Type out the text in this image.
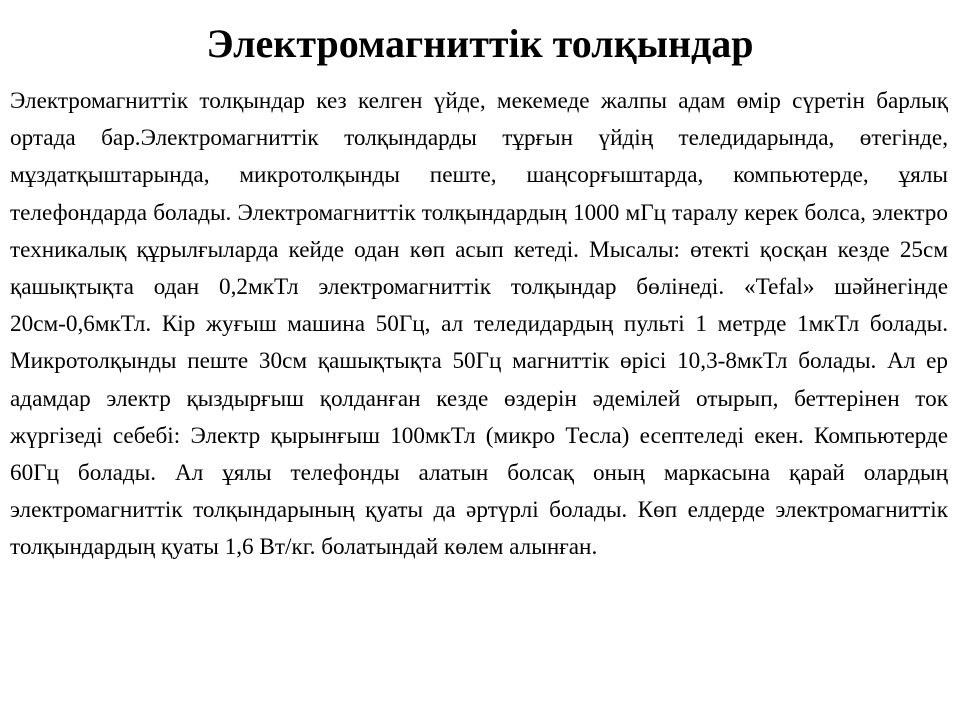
Электромагниттік толқындар

Электромагниттік толқындар кез келген үйде, мекемеде жалпы адам өмір сүретін барлық ортада бар.Электромагниттік толқындарды тұрғын үйдің теледидарында, өтегінде, мұздатқыштарында, микротолқынды пеште, шаңсорғыштарда, компьютерде, ұялы телефондарда болады. Электромагниттік толқындардың 1000 мГц таралу керек болса, электро техникалық құрылғыларда кейде одан көп асып кетеді. Мысалы: өтекті қосқан кезде 25см қашықтықта одан 0,2мкТл электромагниттік толқындар бөлінеді. «Tefal» шәйнегінде 20см-0,6мкТл. Кір жуғыш машина 50Гц, ал теледидардың пульті 1 метрде 1мкТл болады. Микротолқынды пеште 30см қашықтықта 50Гц магниттік өрісі 10,3-8мкТл болады. Ал ер адамдар электр қыздырғыш қолданған кезде өздерін әдемілей отырып, беттерінен ток жүргізеді себебі: Электр қырынғыш 100мкТл (микро Тесла) есептеледі екен. Компьютерде 60Гц болады. Ал ұялы телефонды алатын болсақ оның маркасына қарай олардың электромагниттік толқындарының қуаты да әртүрлі болады. Көп елдерде электромагниттік толқындардың қуаты 1,6 Вт/кг. болатындай көлем алынған.
